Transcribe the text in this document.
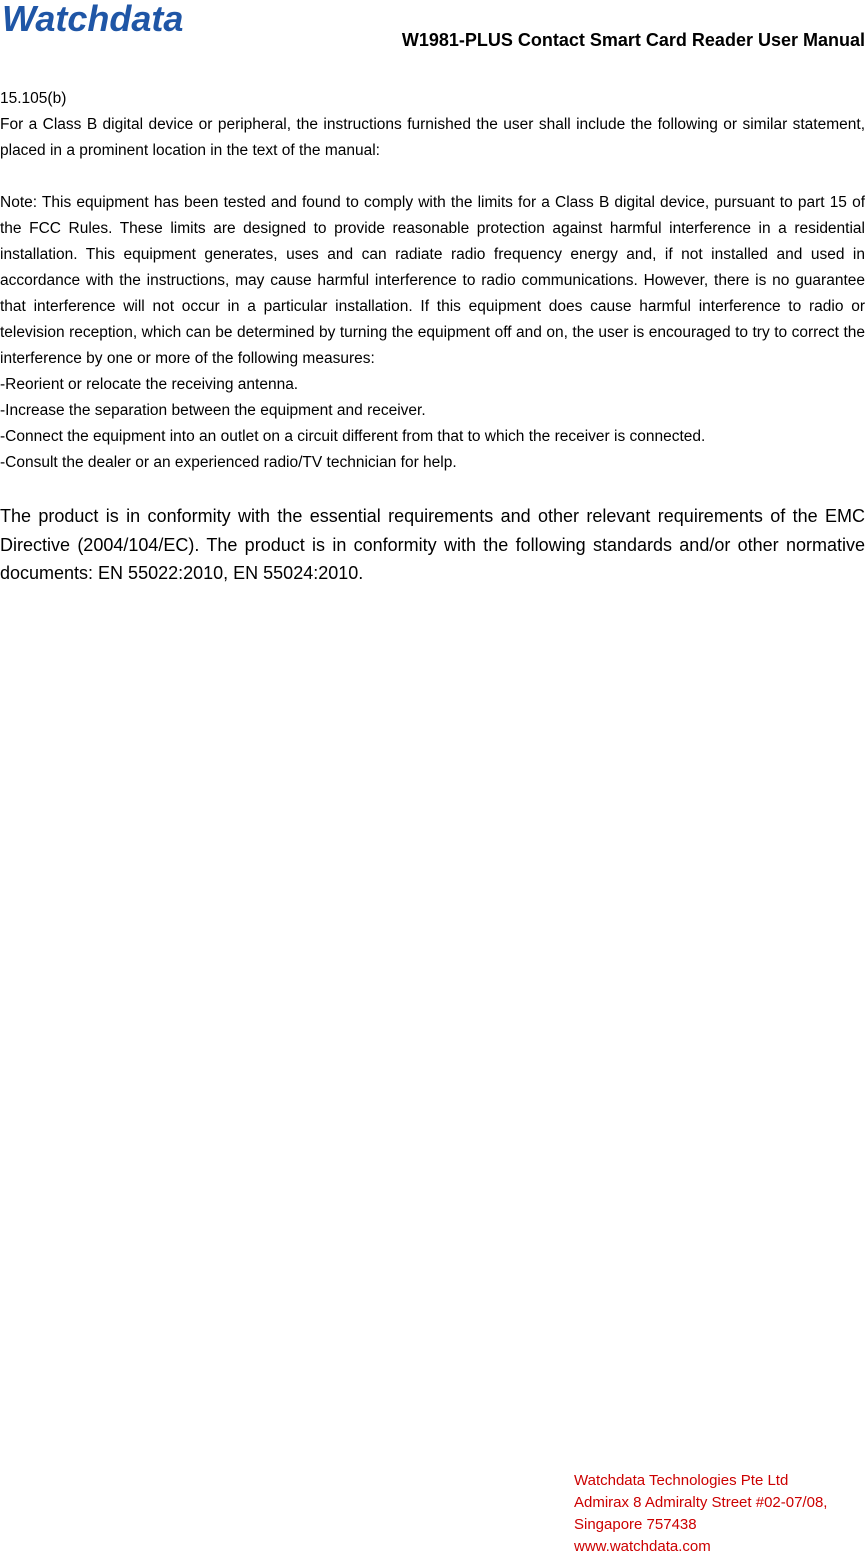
Watchdata
W1981-PLUS Contact Smart Card Reader User Manual

15.105(b)

For a Class B digital device or peripheral, the instructions furnished the user shall include the following or similar statement, placed in a prominent location in the text of the manual:

Note: This equipment has been tested and found to comply with the limits for a Class B digital device, pursuant to part 15 of the FCC Rules. These limits are designed to provide reasonable protection against harmful interference in a residential installation. This equipment generates, uses and can radiate radio frequency energy and, if not installed and used in accordance with the instructions, may cause harmful interference to radio communications. However, there is no guarantee that interference will not occur in a particular installation. If this equipment does cause harmful interference to radio or television reception, which can be determined by turning the equipment off and on, the user is encouraged to try to correct the interference by one or more of the following measures:

-Reorient or relocate the receiving antenna.

-Increase the separation between the equipment and receiver.

-Connect the equipment into an outlet on a circuit different from that to which the receiver is connected.

-Consult the dealer or an experienced radio/TV technician for help.

The product is in conformity with the essential requirements and other relevant requirements of the EMC Directive (2004/104/EC). The product is in conformity with the following standards and/or other normative documents: EN 55022:2010, EN 55024:2010.

Watchdata Technologies Pte Ltd
Admirax 8 Admiralty Street #02-07/08,
Singapore 757438
www.watchdata.com
